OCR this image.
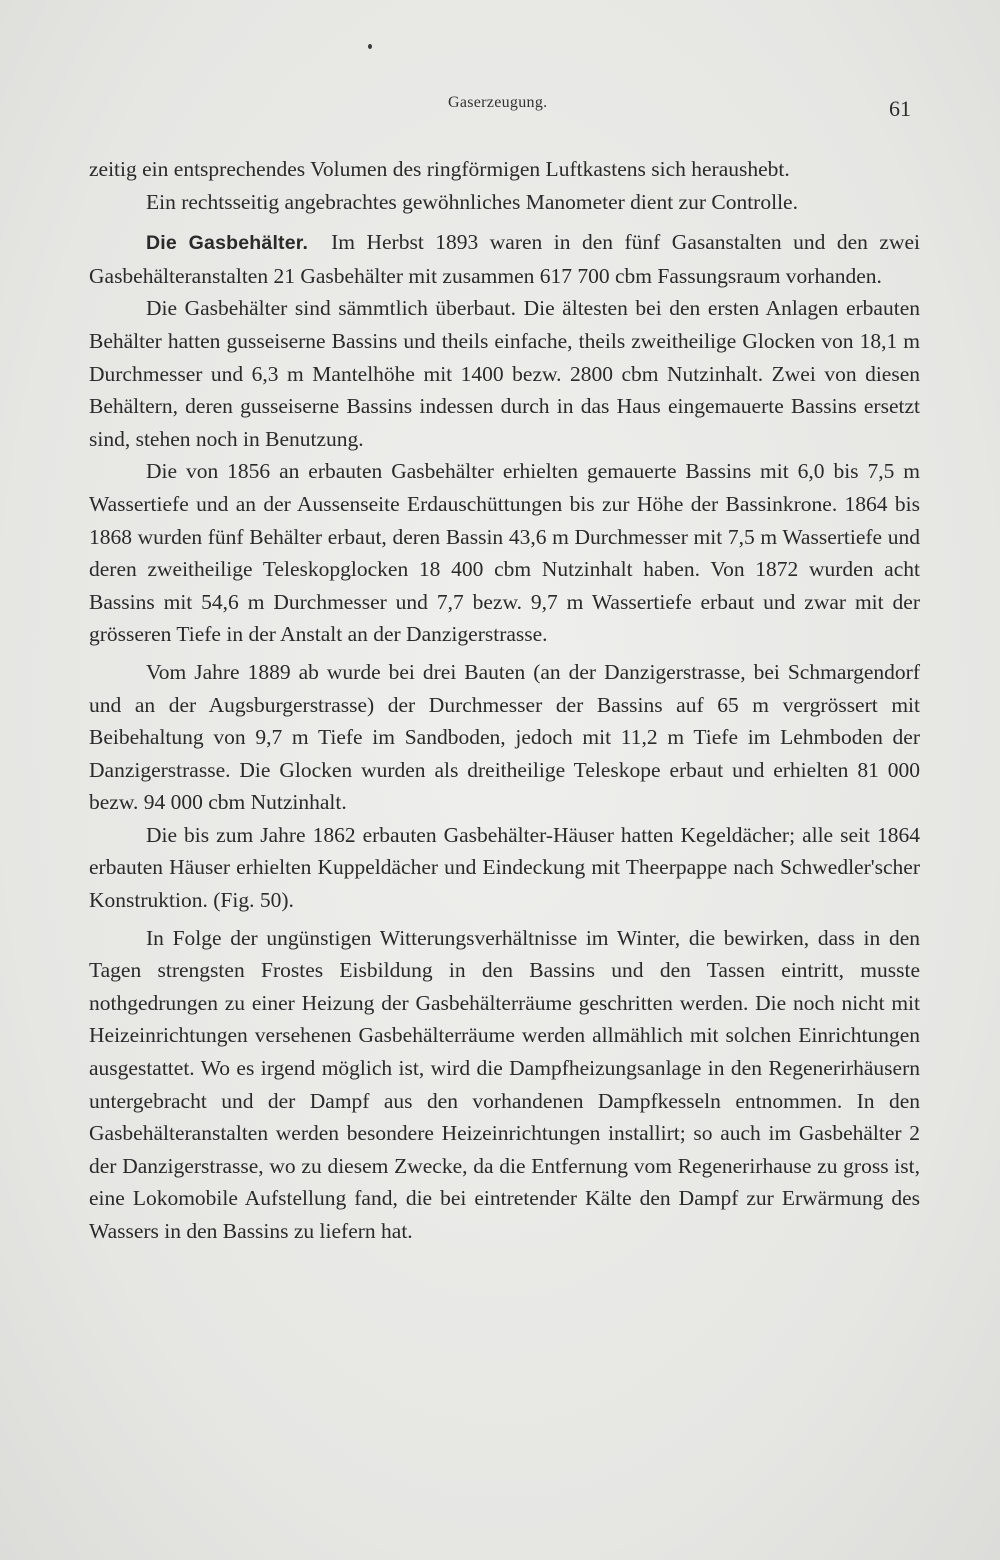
Gaserzeugung.	61

zeitig ein entsprechendes Volumen des ringförmigen Luftkastens sich heraushebt.

Ein rechtsseitig angebrachtes gewöhnliches Manometer dient zur Controlle.

Die Gasbehälter. Im Herbst 1893 waren in den fünf Gasanstalten und den zwei Gasbehälteranstalten 21 Gasbehälter mit zusammen 617 700 cbm Fassungsraum vorhanden.

Die Gasbehälter sind sämmtlich überbaut. Die ältesten bei den ersten Anlagen erbauten Behälter hatten gusseiserne Bassins und theils einfache, theils zweitheilige Glocken von 18,1 m Durchmesser und 6,3 m Mantelhöhe mit 1400 bezw. 2800 cbm Nutzinhalt. Zwei von diesen Behältern, deren gusseiserne Bassins indessen durch in das Haus eingemauerte Bassins ersetzt sind, stehen noch in Benutzung.

Die von 1856 an erbauten Gasbehälter erhielten gemauerte Bassins mit 6,0 bis 7,5 m Wassertiefe und an der Aussenseite Erdauschüttungen bis zur Höhe der Bassinkrone. 1864 bis 1868 wurden fünf Behälter erbaut, deren Bassin 43,6 m Durchmesser mit 7,5 m Wassertiefe und deren zweitheilige Teleskopglocken 18 400 cbm Nutzinhalt haben. Von 1872 wurden acht Bassins mit 54,6 m Durchmesser und 7,7 bezw. 9,7 m Wassertiefe erbaut und zwar mit der grösseren Tiefe in der Anstalt an der Danzigerstrasse.

Vom Jahre 1889 ab wurde bei drei Bauten (an der Danzigerstrasse, bei Schmargendorf und an der Augsburgerstrasse) der Durchmesser der Bassins auf 65 m vergrössert mit Beibehaltung von 9,7 m Tiefe im Sandboden, jedoch mit 11,2 m Tiefe im Lehmboden der Danzigerstrasse. Die Glocken wurden als dreitheilige Teleskope erbaut und erhielten 81 000 bezw. 94 000 cbm Nutzinhalt.

Die bis zum Jahre 1862 erbauten Gasbehälter-Häuser hatten Kegeldächer; alle seit 1864 erbauten Häuser erhielten Kuppeldächer und Eindeckung mit Theerpappe nach Schwedler'scher Konstruktion. (Fig. 50).

In Folge der ungünstigen Witterungsverhältnisse im Winter, die bewirken, dass in den Tagen strengsten Frostes Eisbildung in den Bassins und den Tassen eintritt, musste nothgedrungen zu einer Heizung der Gasbehälterräume geschritten werden. Die noch nicht mit Heizeinrichtungen versehenen Gasbehälterräume werden allmählich mit solchen Einrichtungen ausgestattet. Wo es irgend möglich ist, wird die Dampfheizungsanlage in den Regenerirhäusern untergebracht und der Dampf aus den vorhandenen Dampfkesseln entnommen. In den Gasbehälteranstalten werden besondere Heizeinrichtungen installirt; so auch im Gasbehälter 2 der Danzigerstrasse, wo zu diesem Zwecke, da die Entfernung vom Regenerirhause zu gross ist, eine Lokomobile Aufstellung fand, die bei eintretender Kälte den Dampf zur Erwärmung des Wassers in den Bassins zu liefern hat.
